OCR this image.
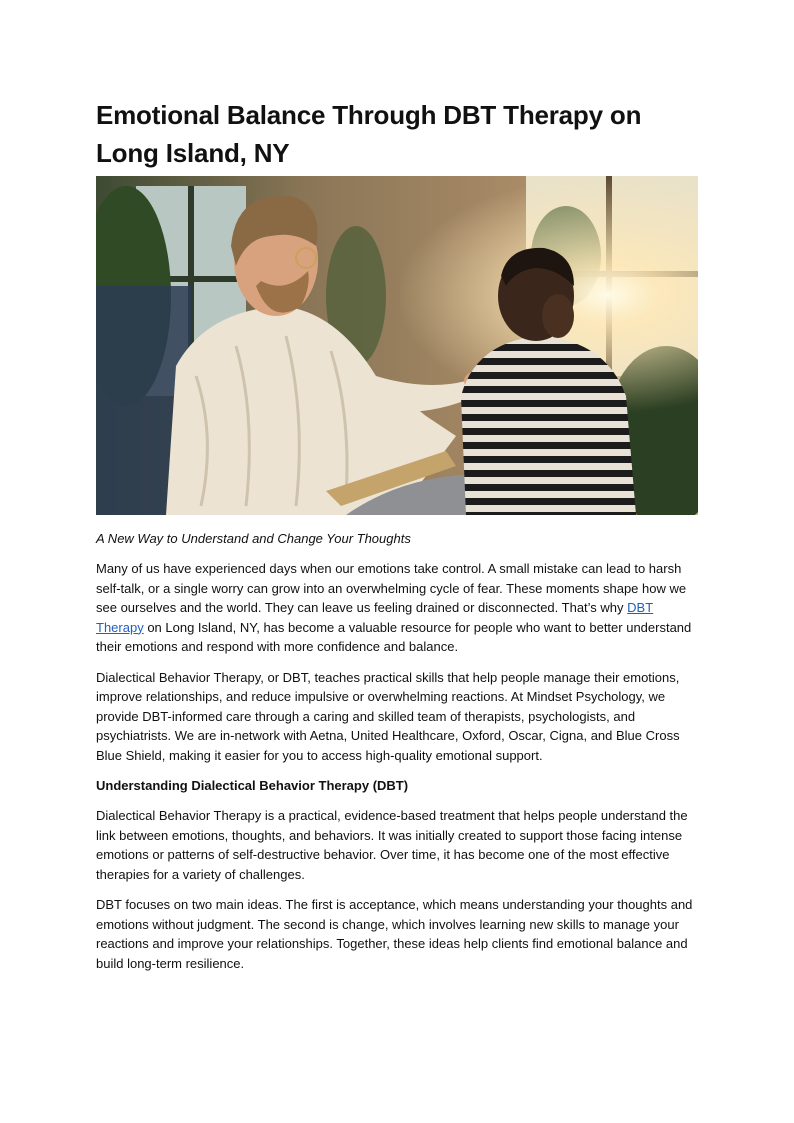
Emotional Balance Through DBT Therapy on Long Island, NY

A New Way to Understand and Change Your Thoughts

Many of us have experienced days when our emotions take control. A small mistake can lead to harsh self-talk, or a single worry can grow into an overwhelming cycle of fear. These moments shape how we see ourselves and the world. They can leave us feeling drained or disconnected. That’s why DBT Therapy on Long Island, NY, has become a valuable resource for people who want to better understand their emotions and respond with more confidence and balance.

Dialectical Behavior Therapy, or DBT, teaches practical skills that help people manage their emotions, improve relationships, and reduce impulsive or overwhelming reactions. At Mindset Psychology, we provide DBT-informed care through a caring and skilled team of therapists, psychologists, and psychiatrists. We are in-network with Aetna, United Healthcare, Oxford, Oscar, Cigna, and Blue Cross Blue Shield, making it easier for you to access high-quality emotional support.

Understanding Dialectical Behavior Therapy (DBT)

Dialectical Behavior Therapy is a practical, evidence-based treatment that helps people understand the link between emotions, thoughts, and behaviors. It was initially created to support those facing intense emotions or patterns of self-destructive behavior. Over time, it has become one of the most effective therapies for a variety of challenges.

DBT focuses on two main ideas. The first is acceptance, which means understanding your thoughts and emotions without judgment. The second is change, which involves learning new skills to manage your reactions and improve your relationships. Together, these ideas help clients find emotional balance and build long-term resilience.
